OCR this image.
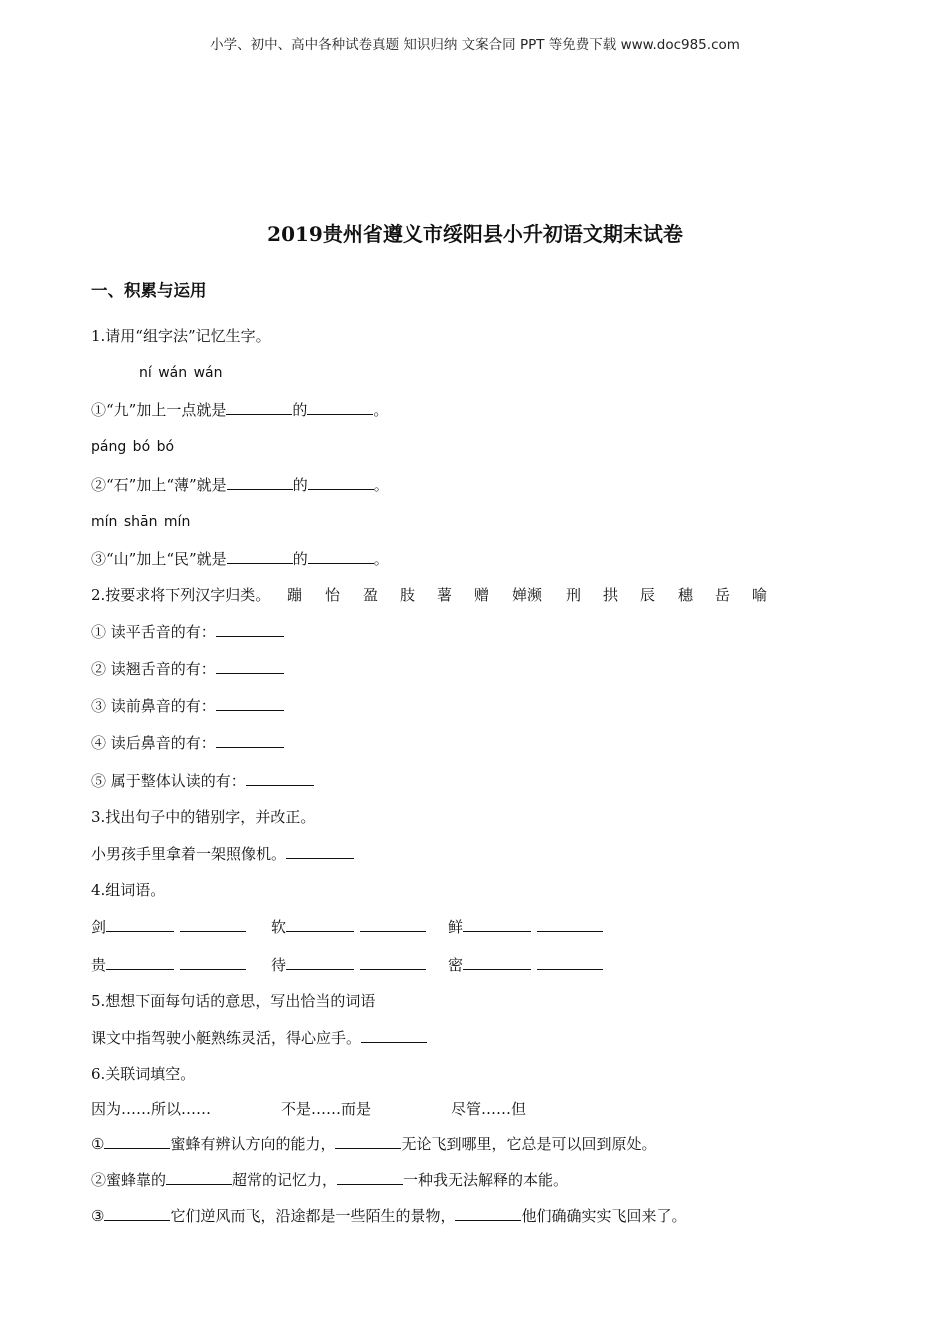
小学、初中、高中各种试卷真题 知识归纳 文案合同 PPT 等免费下载 www.doc985.com
2019贵州省遵义市绥阳县小升初语文期末试卷
一、积累与运用
1.请用“组字法”记忆生字。
ní wán wán
①“九”加上一点就是	的	。
páng bó bó
②“石”加上“薄”就是	的	。
mín shān mín
③“山”加上“民”就是	的	。
2.按要求将下列汉字归类。 蹦 怡 盈 肢 薯 赠 婵濒 刑 拱 辰 穗 岳 喻
① 读平舌音的有：
② 读翘舌音的有：
③ 读前鼻音的有：
④ 读后鼻音的有：
⑤ 属于整体认读的有：
3.找出句子中的错别字，并改正。
小男孩手里拿着一架照像机。
4.组词语。
剑	软	鲜
贵	待	密
5.想想下面每句话的意思，写出恰当的词语
课文中指驾驶小艇熟练灵活，得心应手。
6.关联词填空。
因为……所以……	不是……而是	尽管……但
①	蜜蜂有辨认方向的能力，	无论飞到哪里，它总是可以回到原处。
②蜜蜂靠的	超常的记忆力，	一种我无法解释的本能。
③	它们逆风而飞，沿途都是一些陌生的景物，	他们确确实实飞回来了。
